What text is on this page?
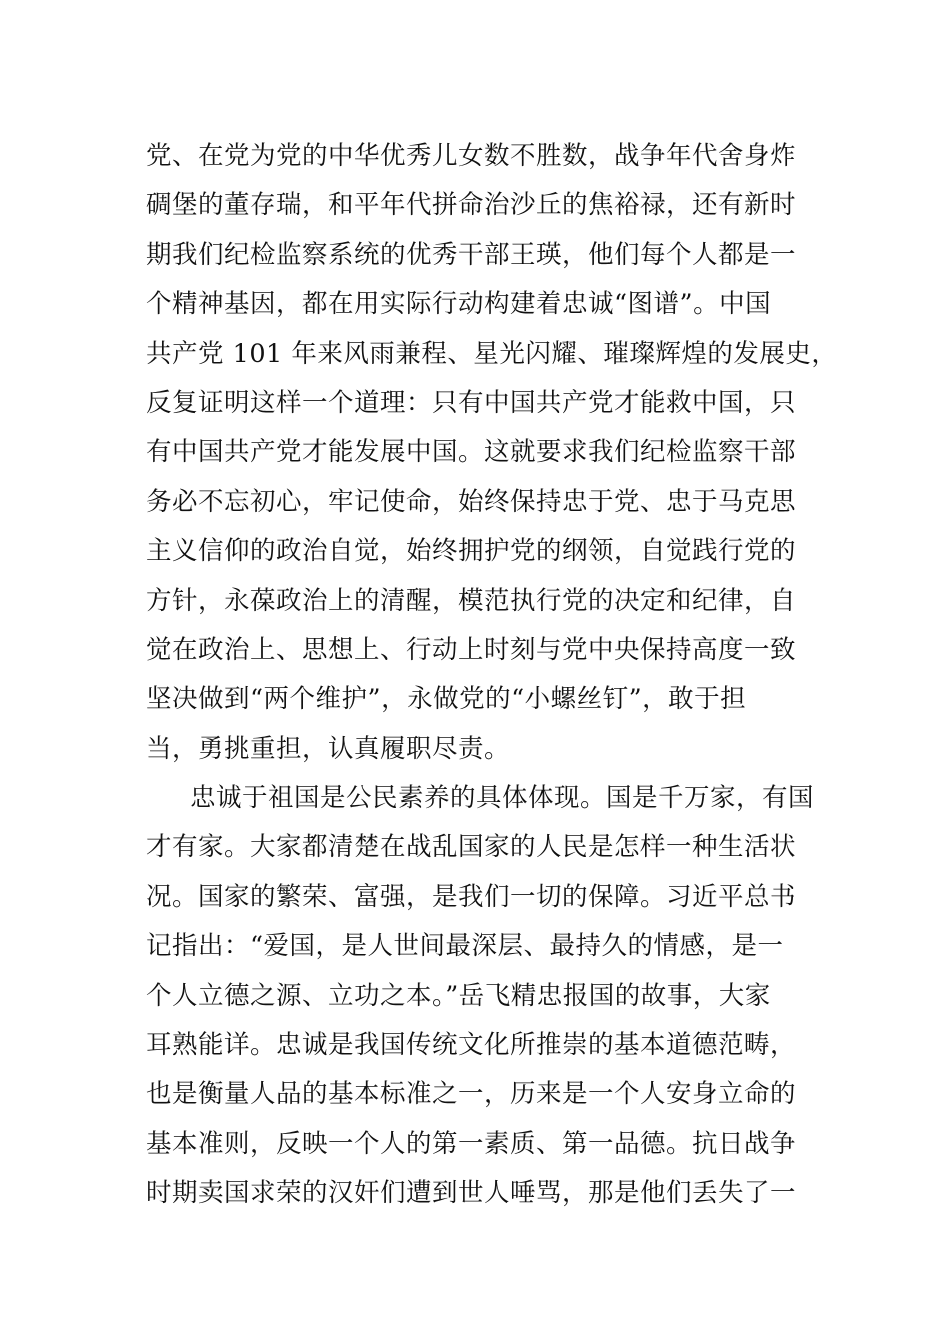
党、在党为党的中华优秀儿女数不胜数，战争年代舍身炸
碉堡的董存瑞，和平年代拼命治沙丘的焦裕禄，还有新时
期我们纪检监察系统的优秀干部王瑛，他们每个人都是一
个精神基因，都在用实际行动构建着忠诚“图谱”。中国
共产党 101 年来风雨兼程、星光闪耀、璀璨辉煌的发展史，
反复证明这样一个道理：只有中国共产党才能救中国，只
有中国共产党才能发展中国。这就要求我们纪检监察干部
务必不忘初心，牢记使命，始终保持忠于党、忠于马克思
主义信仰的政治自觉，始终拥护党的纲领，自觉践行党的
方针，永葆政治上的清醒，模范执行党的决定和纪律，自
觉在政治上、思想上、行动上时刻与党中央保持高度一致
坚决做到“两个维护”，永做党的“小螺丝钉”，敢于担
当，勇挑重担，认真履职尽责。
忠诚于祖国是公民素养的具体体现。国是千万家，有国
才有家。大家都清楚在战乱国家的人民是怎样一种生活状
况。国家的繁荣、富强，是我们一切的保障。习近平总书
记指出：“爱国，是人世间最深层、最持久的情感，是一
个人立德之源、立功之本。”岳飞精忠报国的故事，大家
耳熟能详。忠诚是我国传统文化所推崇的基本道德范畴，
也是衡量人品的基本标准之一，历来是一个人安身立命的
基本准则，反映一个人的第一素质、第一品德。抗日战争
时期卖国求荣的汉奸们遭到世人唾骂，那是他们丢失了一
